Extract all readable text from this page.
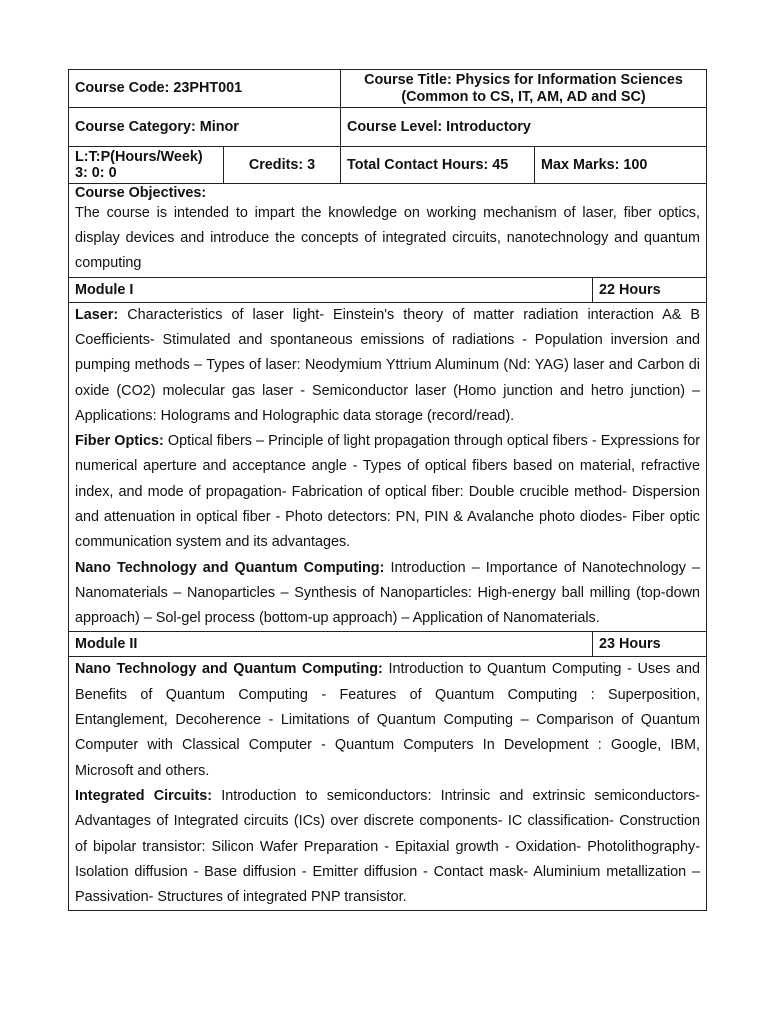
Course Code: 23PHT001		Course Title: Physics for Information Sciences
(Common to CS, IT, AM, AD and SC)		
Course Category: Minor		Course Level: Introductory		
L:T:P(Hours/Week)
3: 0: 0	Credits: 3	Total Contact Hours: 45	Max Marks: 100	

Course Objectives:
The course is intended to impart the knowledge on working mechanism of laser, fiber optics, display devices and introduce the concepts of integrated circuits, nanotechnology and quantum computing				

Module I				22 Hours

Laser: Characteristics of laser light- Einstein's theory of matter radiation interaction A& B Coefficients- Stimulated and spontaneous emissions of radiations - Population inversion and pumping methods – Types of laser: Neodymium Yttrium Aluminum (Nd: YAG) laser and Carbon di oxide (CO2) molecular gas laser - Semiconductor laser (Homo junction and hetro junction) – Applications: Holograms and Holographic data storage (record/read).

Fiber Optics: Optical fibers – Principle of light propagation through optical fibers - Expressions for numerical aperture and acceptance angle - Types of optical fibers based on material, refractive index, and mode of propagation- Fabrication of optical fiber: Double crucible method- Dispersion and attenuation in optical fiber - Photo detectors: PN, PIN & Avalanche photo diodes- Fiber optic communication system and its advantages.

Nano Technology and Quantum Computing: Introduction – Importance of Nanotechnology – Nanomaterials – Nanoparticles – Synthesis of Nanoparticles: High-energy ball milling (top-down approach) – Sol-gel process (bottom-up approach) – Application of Nanomaterials.				

Module II				23 Hours

Nano Technology and Quantum Computing: Introduction to Quantum Computing - Uses and Benefits of Quantum Computing - Features of Quantum Computing : Superposition, Entanglement, Decoherence - Limitations of Quantum Computing – Comparison of Quantum Computer with Classical Computer - Quantum Computers In Development : Google, IBM, Microsoft and others.

Integrated Circuits: Introduction to semiconductors: Intrinsic and extrinsic semiconductors- Advantages of Integrated circuits (ICs) over discrete components- IC classification- Construction of bipolar transistor: Silicon Wafer Preparation - Epitaxial growth - Oxidation- Photolithography- Isolation diffusion - Base diffusion - Emitter diffusion - Contact mask- Aluminium metallization – Passivation- Structures of integrated PNP transistor.				
